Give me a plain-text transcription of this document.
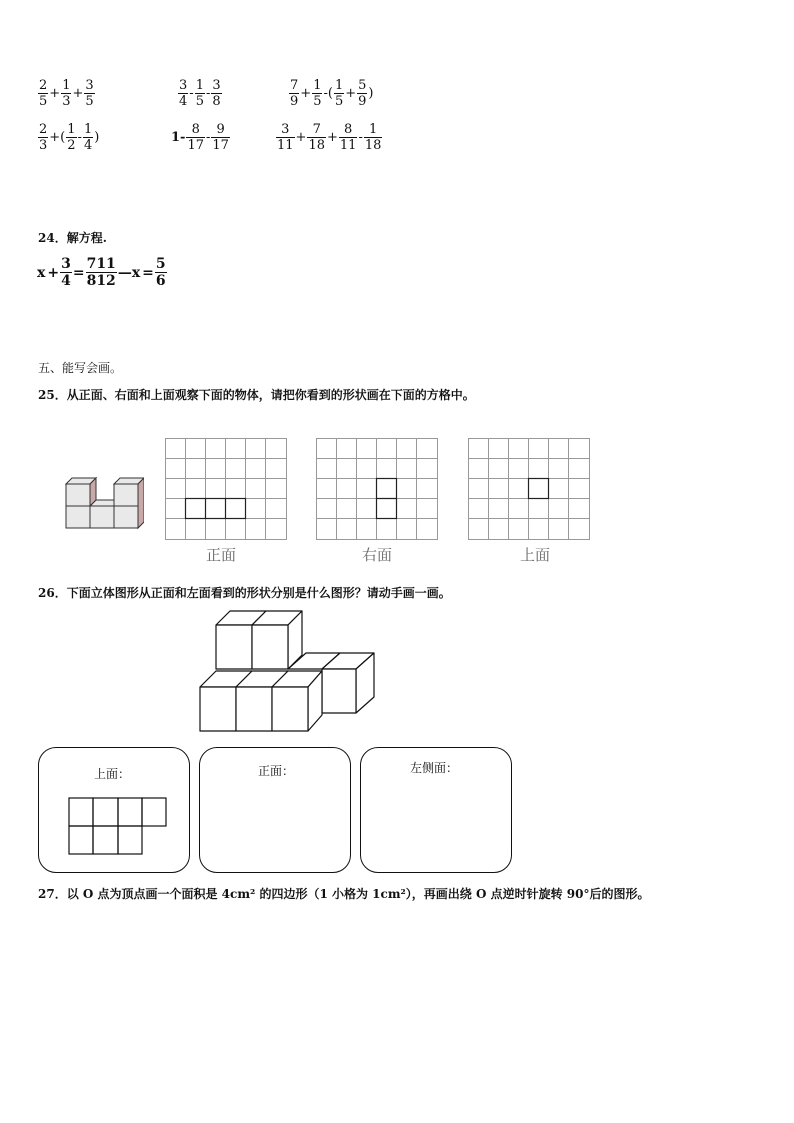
$\frac{2}{5} + \frac{1}{3} + \frac{3}{5}$	$\frac{3}{4} - \frac{1}{5} - \frac{3}{8}$	$\frac{7}{9} + \frac{1}{5}$ -( $\frac{1}{5} + \frac{5}{9}$ )
$\frac{2}{3}$ +( $\frac{1}{2} - \frac{1}{4}$ )	$1- \frac{8}{17} - \frac{9}{17}$	$\frac{3}{11} + \frac{7}{18} + \frac{8}{11} - \frac{1}{18}$
24．解方程.
$x + \frac{3}{4} = \frac{711}{812}$ —x = $\frac{5}{6}$
五、能写会画。
25．从正面、右面和上面观察下面的物体，请把你看到的形状画在下面的方格中。
正面	右面	上面
26．下面立体图形从正面和左面看到的形状分别是什么图形？请动手画一画。
上面：	正面：	左侧面：
27．以 O 点为顶点画一个面积是 4cm² 的四边形（1 小格为 1cm²），再画出绕 O 点逆时针旋转 90°后的图形。
